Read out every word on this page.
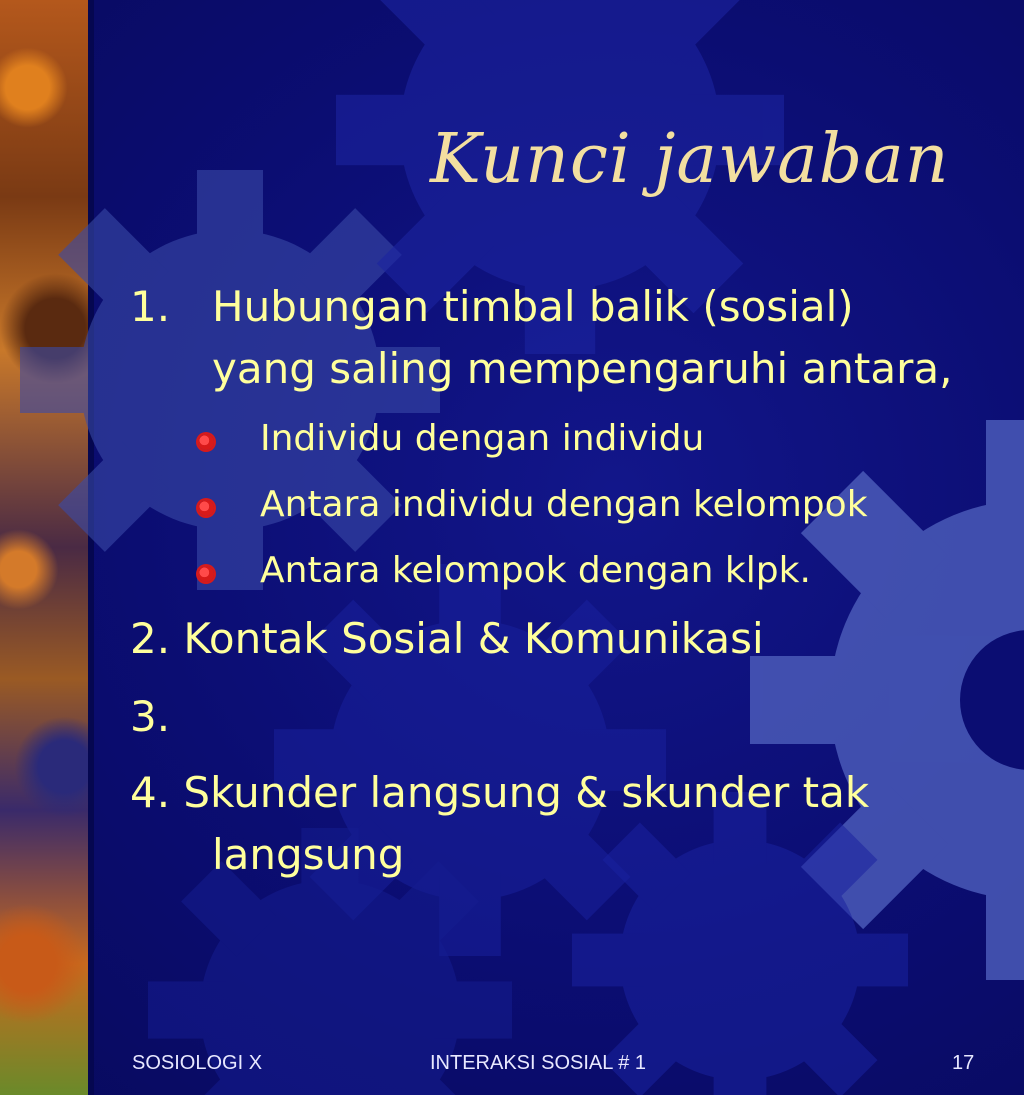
Kunci jawaban
1. Hubungan timbal balik (sosial)
yang saling mempengaruhi antara,
Individu dengan individu
Antara individu dengan kelompok
Antara kelompok dengan klpk.
2. Kontak Sosial & Komunikasi
3.
4. Skunder langsung & skunder tak
langsung
SOSIOLOGI X	INTERAKSI SOSIAL # 1	17
